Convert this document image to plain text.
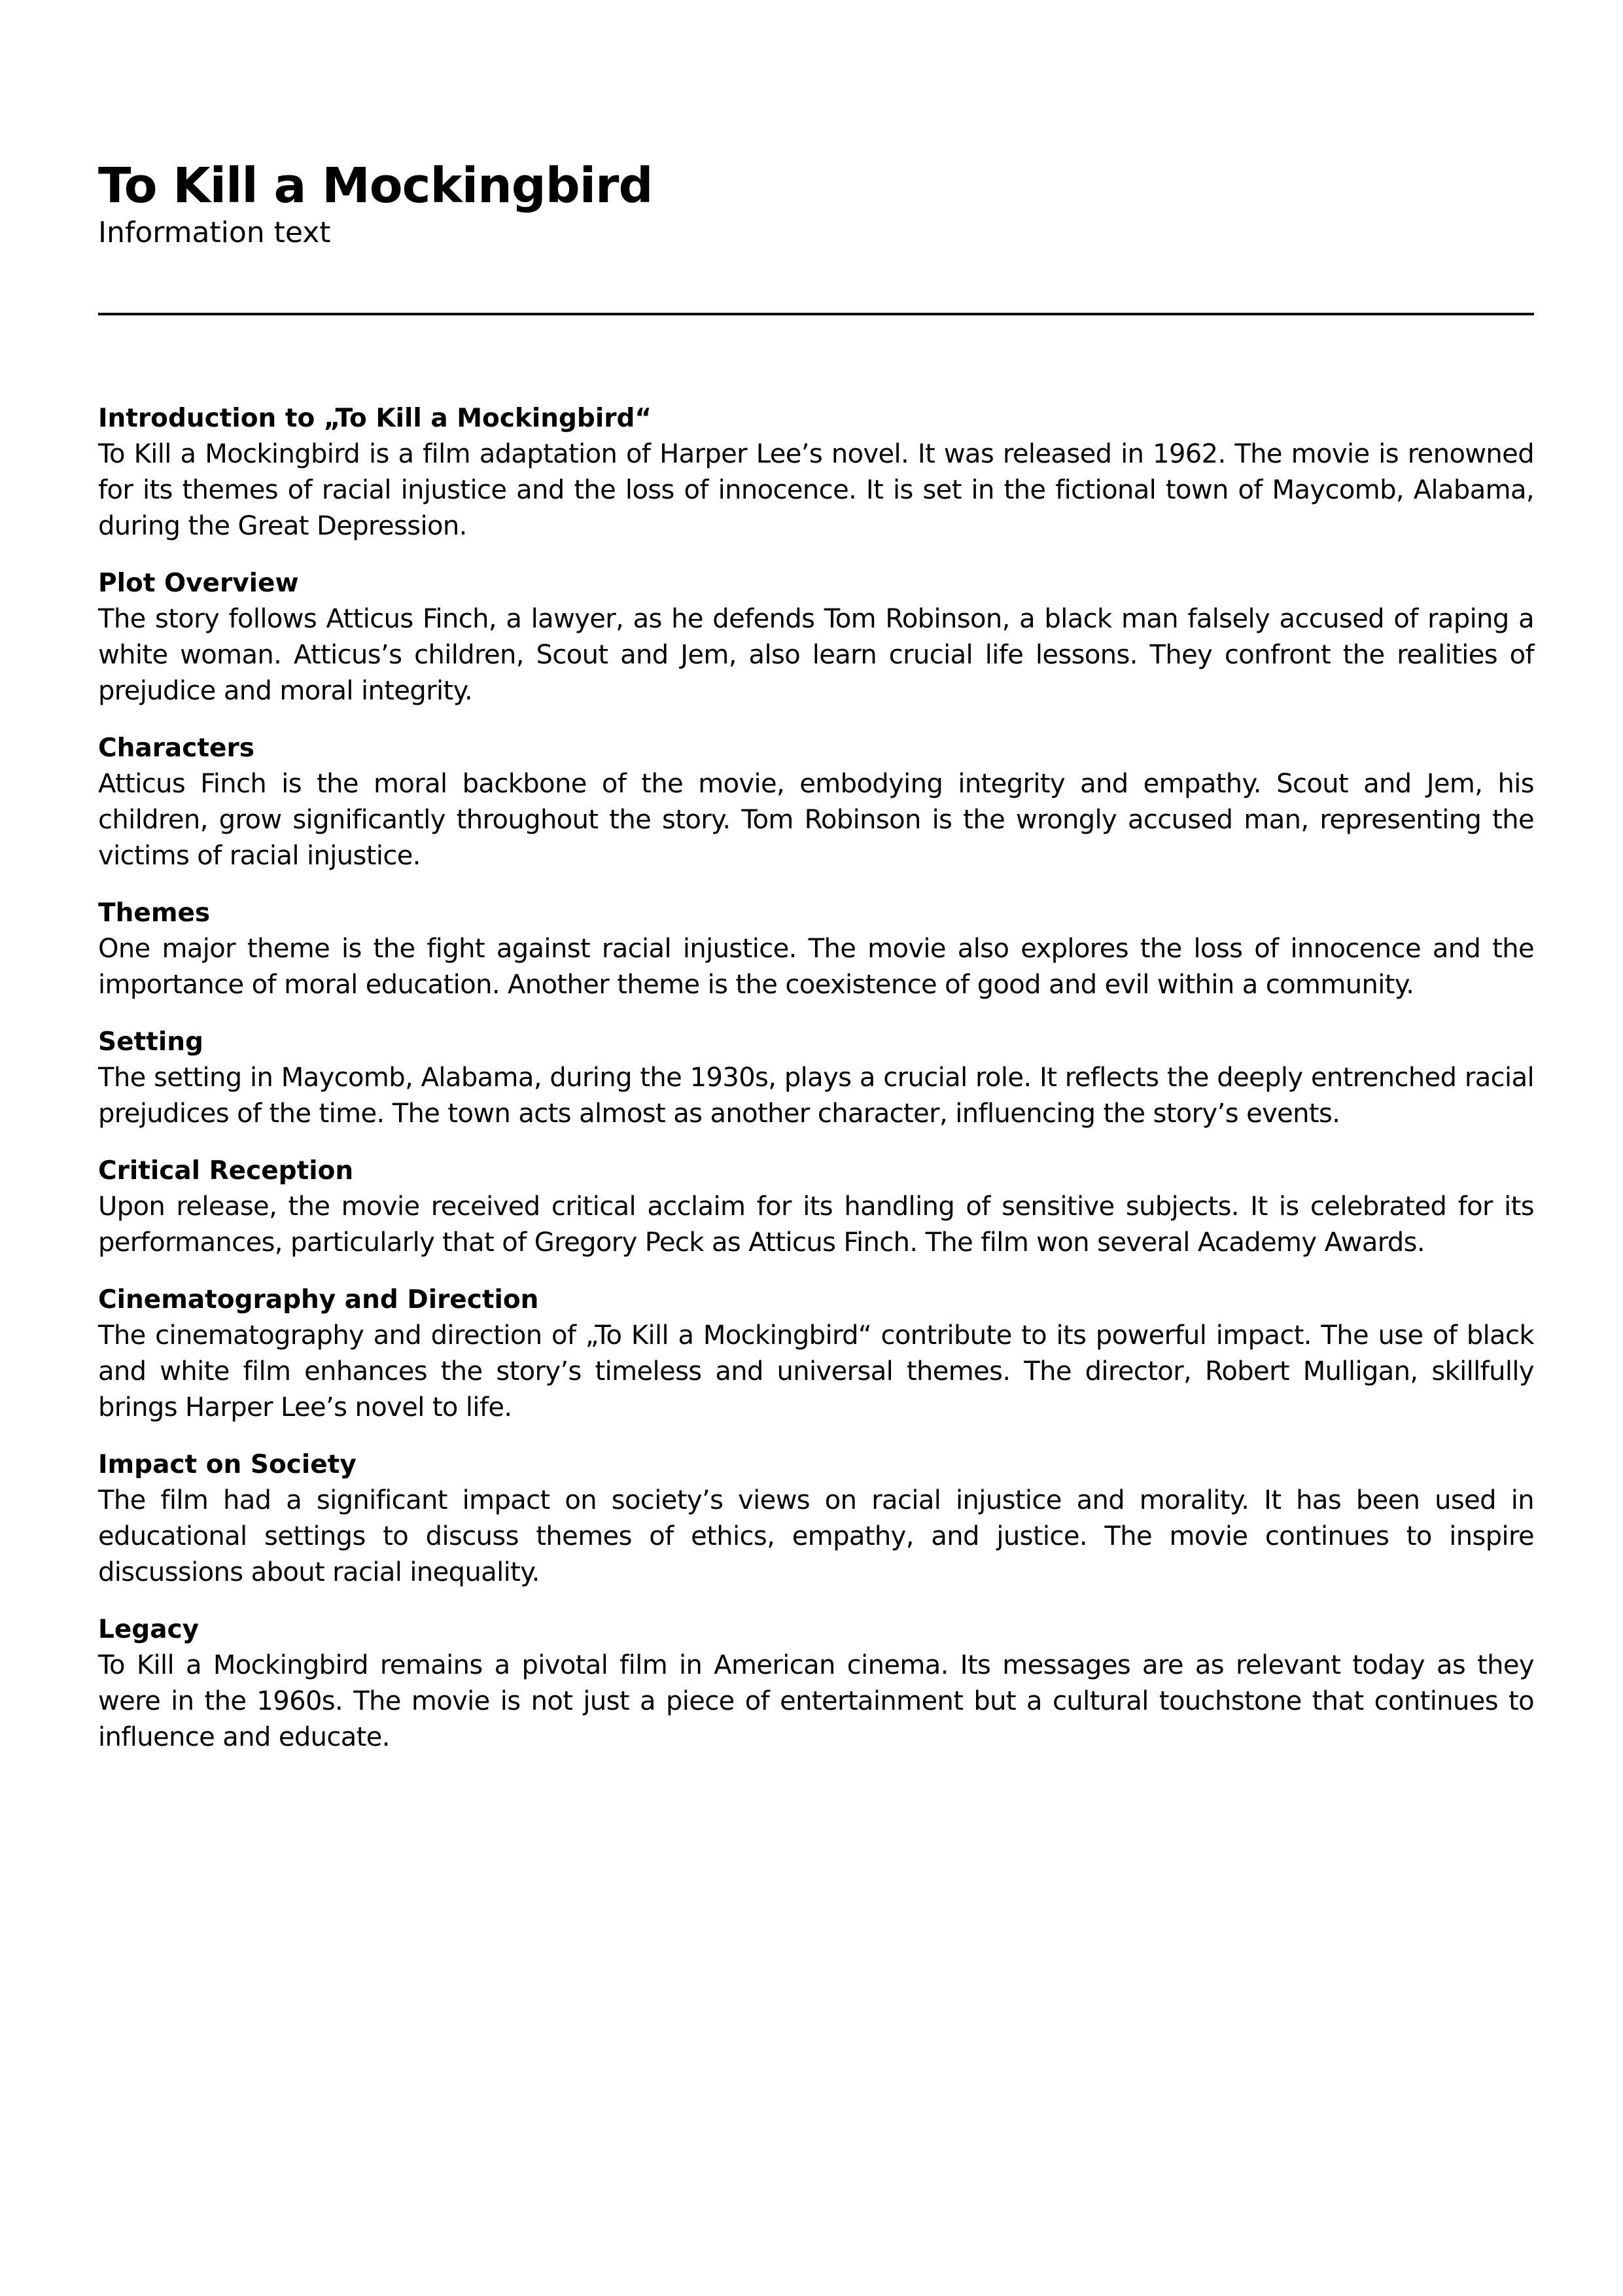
To Kill a Mockingbird

Information text

Introduction to „To Kill a Mockingbird“

To Kill a Mockingbird is a film adaptation of Harper Lee’s novel. It was released in 1962. The movie is renowned for its themes of racial injustice and the loss of innocence. It is set in the fictional town of Maycomb, Alabama, during the Great Depression.

Plot Overview

The story follows Atticus Finch, a lawyer, as he defends Tom Robinson, a black man falsely accused of raping a white woman. Atticus’s children, Scout and Jem, also learn crucial life lessons. They confront the realities of prejudice and moral integrity.

Characters

Atticus Finch is the moral backbone of the movie, embodying integrity and empathy. Scout and Jem, his children, grow significantly throughout the story. Tom Robinson is the wrongly accused man, representing the victims of racial injustice.

Themes

One major theme is the fight against racial injustice. The movie also explores the loss of innocence and the importance of moral education. Another theme is the coexistence of good and evil within a community.

Setting

The setting in Maycomb, Alabama, during the 1930s, plays a crucial role. It reflects the deeply entrenched racial prejudices of the time. The town acts almost as another character, influencing the story’s events.

Critical Reception

Upon release, the movie received critical acclaim for its handling of sensitive subjects. It is celebrated for its performances, particularly that of Gregory Peck as Atticus Finch. The film won several Academy Awards.

Cinematography and Direction

The cinematography and direction of „To Kill a Mockingbird“ contribute to its powerful impact. The use of black and white film enhances the story’s timeless and universal themes. The director, Robert Mulligan, skillfully brings Harper Lee’s novel to life.

Impact on Society

The film had a significant impact on society’s views on racial injustice and morality. It has been used in educational settings to discuss themes of ethics, empathy, and justice. The movie continues to inspire discussions about racial inequality.

Legacy

To Kill a Mockingbird remains a pivotal film in American cinema. Its messages are as relevant today as they were in the 1960s. The movie is not just a piece of entertainment but a cultural touchstone that continues to influence and educate.
